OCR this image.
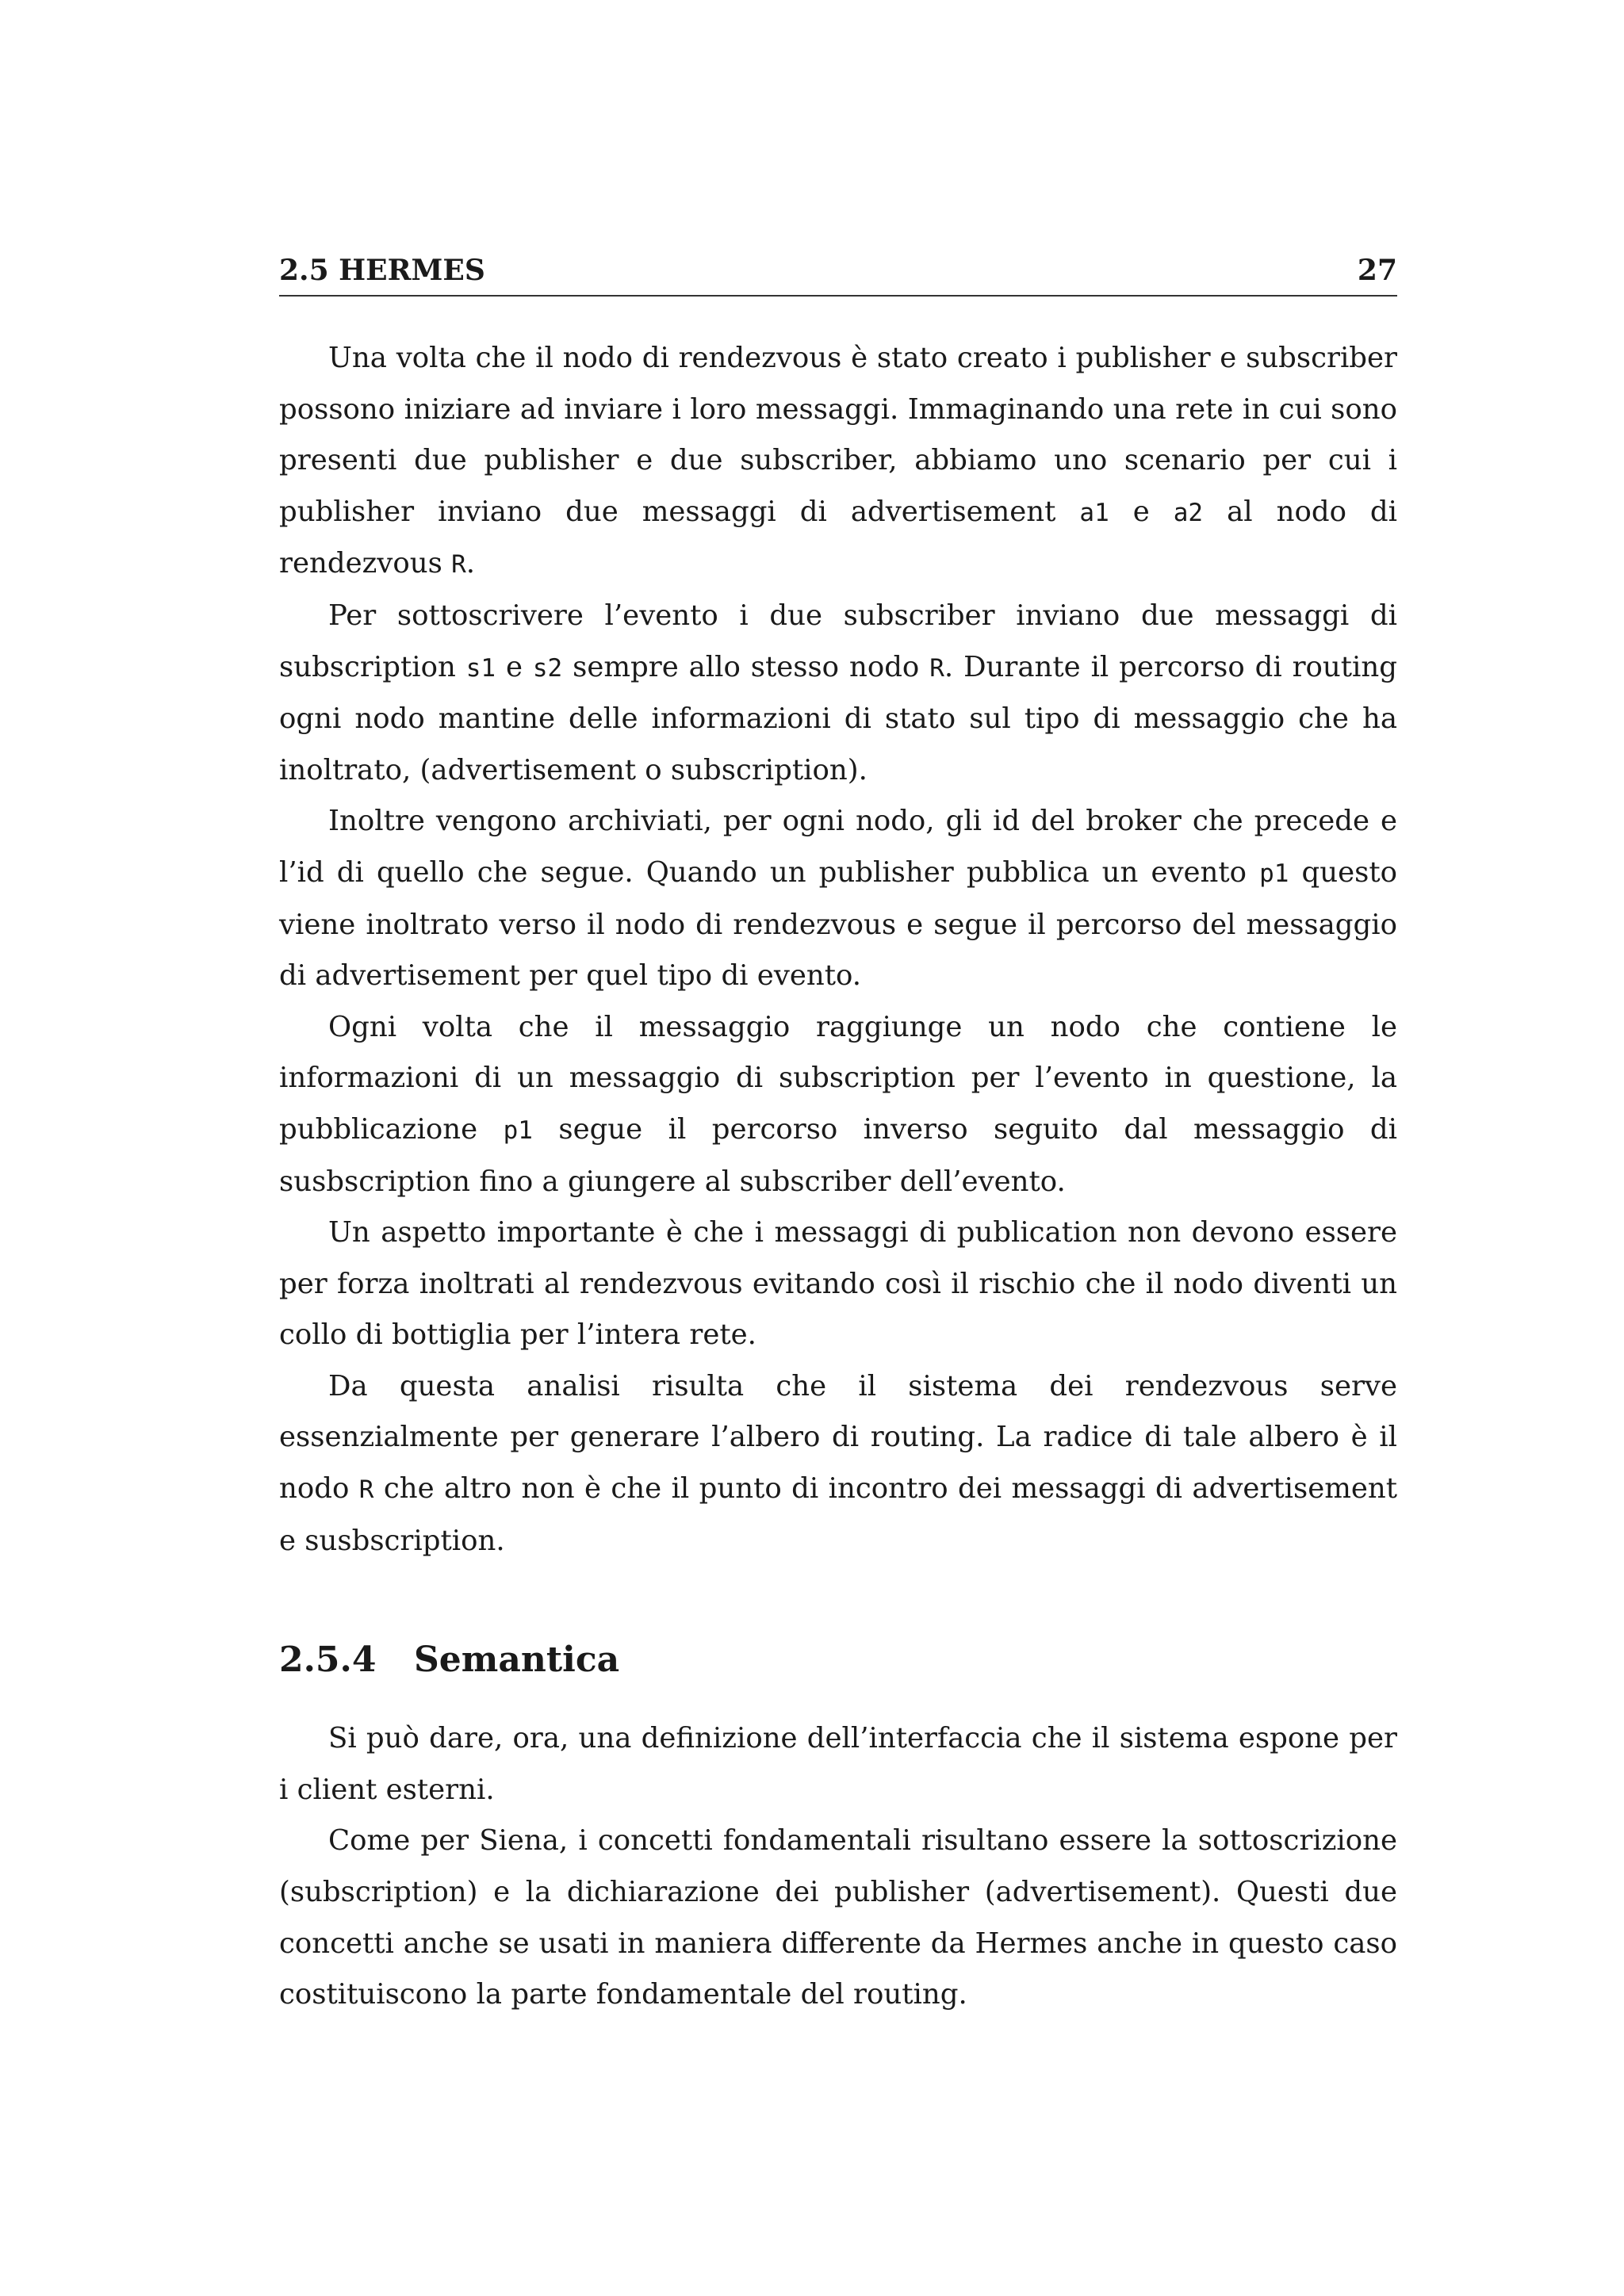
2.5 HERMES	27

Una volta che il nodo di rendezvous è stato creato i publisher e subscriber possono iniziare ad inviare i loro messaggi. Immaginando una rete in cui sono presenti due publisher e due subscriber, abbiamo uno scenario per cui i publisher inviano due messaggi di advertisement a1 e a2 al nodo di rendezvous R.

Per sottoscrivere l’evento i due subscriber inviano due messaggi di subscription s1 e s2 sempre allo stesso nodo R. Durante il percorso di routing ogni nodo mantine delle informazioni di stato sul tipo di messaggio che ha inoltrato, (advertisement o subscription).

Inoltre vengono archiviati, per ogni nodo, gli id del broker che precede e l’id di quello che segue. Quando un publisher pubblica un evento p1 questo viene inoltrato verso il nodo di rendezvous e segue il percorso del messaggio di advertisement per quel tipo di evento.

Ogni volta che il messaggio raggiunge un nodo che contiene le informazioni di un messaggio di subscription per l’evento in questione, la pubblicazione p1 segue il percorso inverso seguito dal messaggio di susbscription fino a giungere al subscriber dell’evento.

Un aspetto importante è che i messaggi di publication non devono essere per forza inoltrati al rendezvous evitando così il rischio che il nodo diventi un collo di bottiglia per l’intera rete.

Da questa analisi risulta che il sistema dei rendezvous serve essenzialmente per generare l’albero di routing. La radice di tale albero è il nodo R che altro non è che il punto di incontro dei messaggi di advertisement e susbscription.

2.5.4	Semantica

Si può dare, ora, una definizione dell’interfaccia che il sistema espone per i client esterni.

Come per Siena, i concetti fondamentali risultano essere la sottoscrizione (subscription) e la dichiarazione dei publisher (advertisement). Questi due concetti anche se usati in maniera differente da Hermes anche in questo caso costituiscono la parte fondamentale del routing.
